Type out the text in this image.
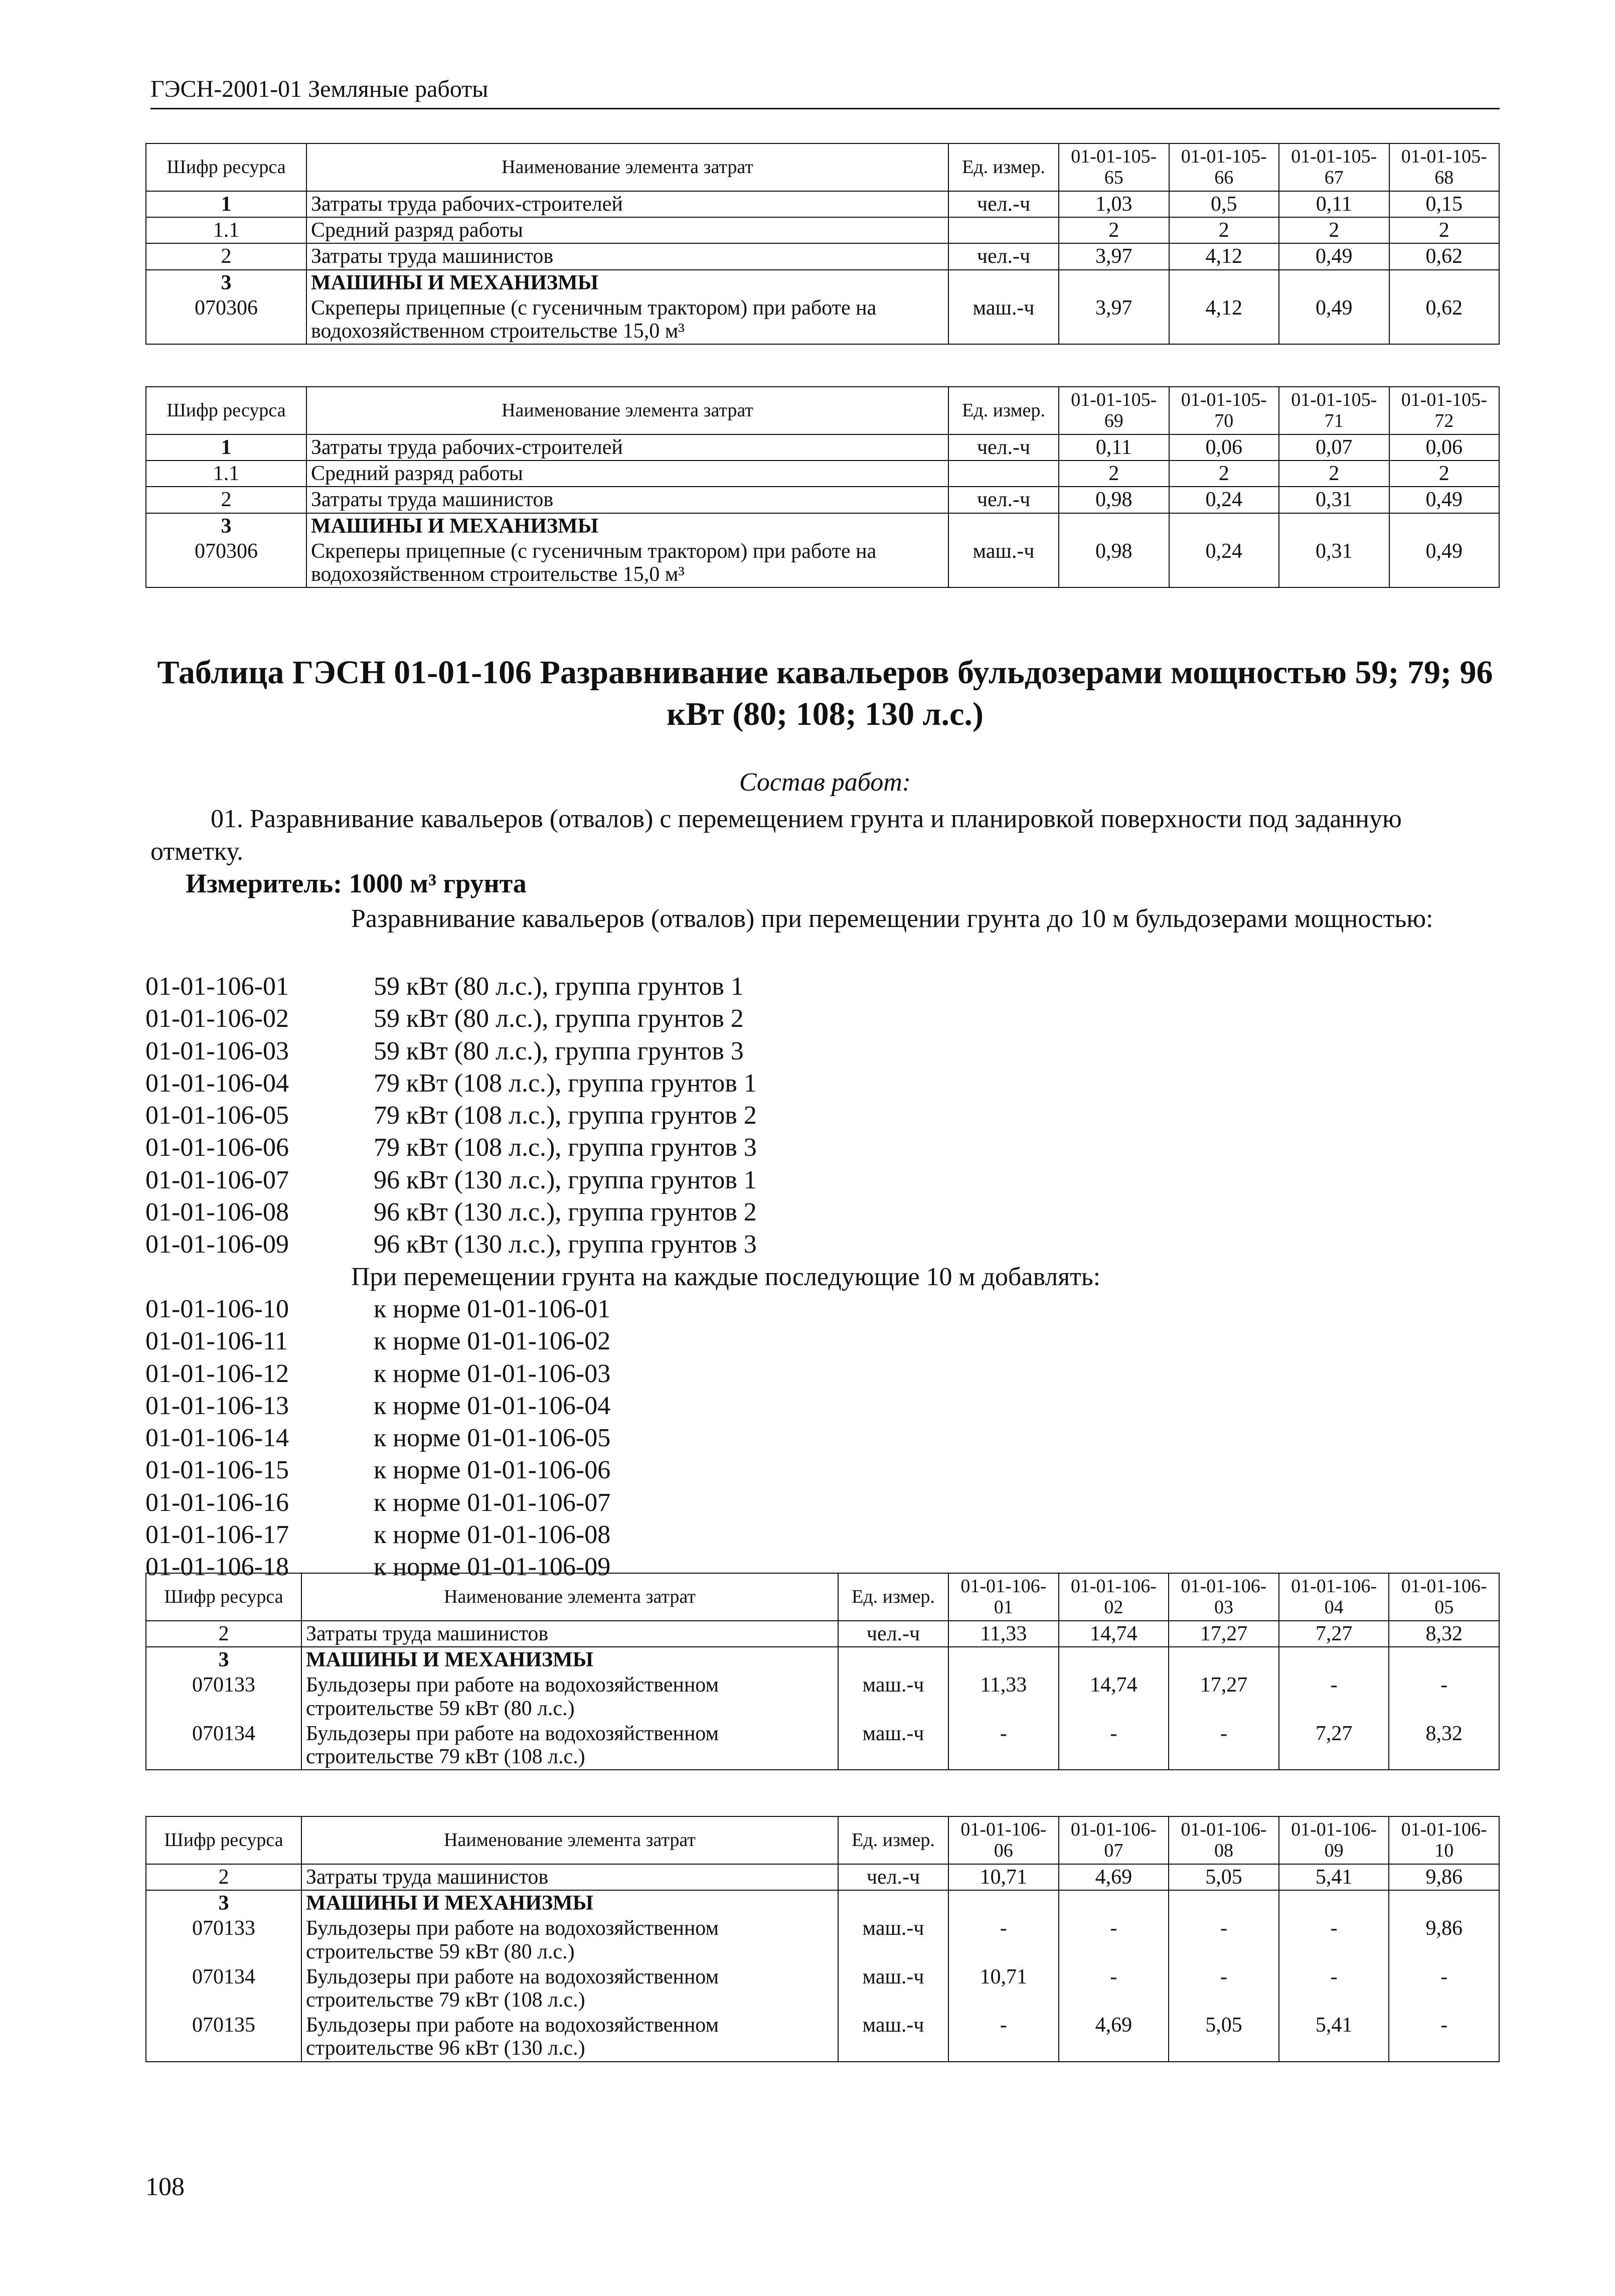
ГЭСН-2001-01 Земляные работы
Шифр ресурса	Наименование элемента затрат	Ед. измер.	01-01-105-65	01-01-105-66	01-01-105-67	01-01-105-68
1	Затраты труда рабочих-строителей	чел.-ч	1,03	0,5	0,11	0,15
1.1	Средний разряд работы		2	2	2	2
2	Затраты труда машинистов	чел.-ч	3,97	4,12	0,49	0,62
3	МАШИНЫ И МЕХАНИЗМЫ					
070306	Скреперы прицепные (с гусеничным трактором) при работе на водохозяйственном строительстве 15,0 м³	маш.-ч	3,97	4,12	0,49	0,62
Шифр ресурса	Наименование элемента затрат	Ед. измер.	01-01-105-69	01-01-105-70	01-01-105-71	01-01-105-72
1	Затраты труда рабочих-строителей	чел.-ч	0,11	0,06	0,07	0,06
1.1	Средний разряд работы		2	2	2	2
2	Затраты труда машинистов	чел.-ч	0,98	0,24	0,31	0,49
3	МАШИНЫ И МЕХАНИЗМЫ					
070306	Скреперы прицепные (с гусеничным трактором) при работе на водохозяйственном строительстве 15,0 м³	маш.-ч	0,98	0,24	0,31	0,49
Таблица ГЭСН 01-01-106 Разравнивание кавальеров бульдозерами мощностью 59; 79; 96 кВт (80; 108; 130 л.с.)
Состав работ:
01. Разравнивание кавальеров (отвалов) с перемещением грунта и планировкой поверхности под заданную отметку.
Измеритель: 1000 м³ грунта
Разравнивание кавальеров (отвалов) при перемещении грунта до 10 м бульдозерами мощностью:
01-01-106-01	59 кВт (80 л.с.), группа грунтов 1
01-01-106-02	59 кВт (80 л.с.), группа грунтов 2
01-01-106-03	59 кВт (80 л.с.), группа грунтов 3
01-01-106-04	79 кВт (108 л.с.), группа грунтов 1
01-01-106-05	79 кВт (108 л.с.), группа грунтов 2
01-01-106-06	79 кВт (108 л.с.), группа грунтов 3
01-01-106-07	96 кВт (130 л.с.), группа грунтов 1
01-01-106-08	96 кВт (130 л.с.), группа грунтов 2
01-01-106-09	96 кВт (130 л.с.), группа грунтов 3
При перемещении грунта на каждые последующие 10 м добавлять:
01-01-106-10	к норме 01-01-106-01
01-01-106-11	к норме 01-01-106-02
01-01-106-12	к норме 01-01-106-03
01-01-106-13	к норме 01-01-106-04
01-01-106-14	к норме 01-01-106-05
01-01-106-15	к норме 01-01-106-06
01-01-106-16	к норме 01-01-106-07
01-01-106-17	к норме 01-01-106-08
01-01-106-18	к норме 01-01-106-09
Шифр ресурса	Наименование элемента затрат	Ед. измер.	01-01-106-01	01-01-106-02	01-01-106-03	01-01-106-04	01-01-106-05
2	Затраты труда машинистов	чел.-ч	11,33	14,74	17,27	7,27	8,32
3	МАШИНЫ И МЕХАНИЗМЫ						
070133	Бульдозеры при работе на водохозяйственном строительстве 59 кВт (80 л.с.)	маш.-ч	11,33	14,74	17,27	-	-
070134	Бульдозеры при работе на водохозяйственном строительстве 79 кВт (108 л.с.)	маш.-ч	-	-	-	7,27	8,32
Шифр ресурса	Наименование элемента затрат	Ед. измер.	01-01-106-06	01-01-106-07	01-01-106-08	01-01-106-09	01-01-106-10
2	Затраты труда машинистов	чел.-ч	10,71	4,69	5,05	5,41	9,86
3	МАШИНЫ И МЕХАНИЗМЫ						
070133	Бульдозеры при работе на водохозяйственном строительстве 59 кВт (80 л.с.)	маш.-ч	-	-	-	-	9,86
070134	Бульдозеры при работе на водохозяйственном строительстве 79 кВт (108 л.с.)	маш.-ч	10,71	-	-	-	-
070135	Бульдозеры при работе на водохозяйственном строительстве 96 кВт (130 л.с.)	маш.-ч	-	4,69	5,05	5,41	-
108
